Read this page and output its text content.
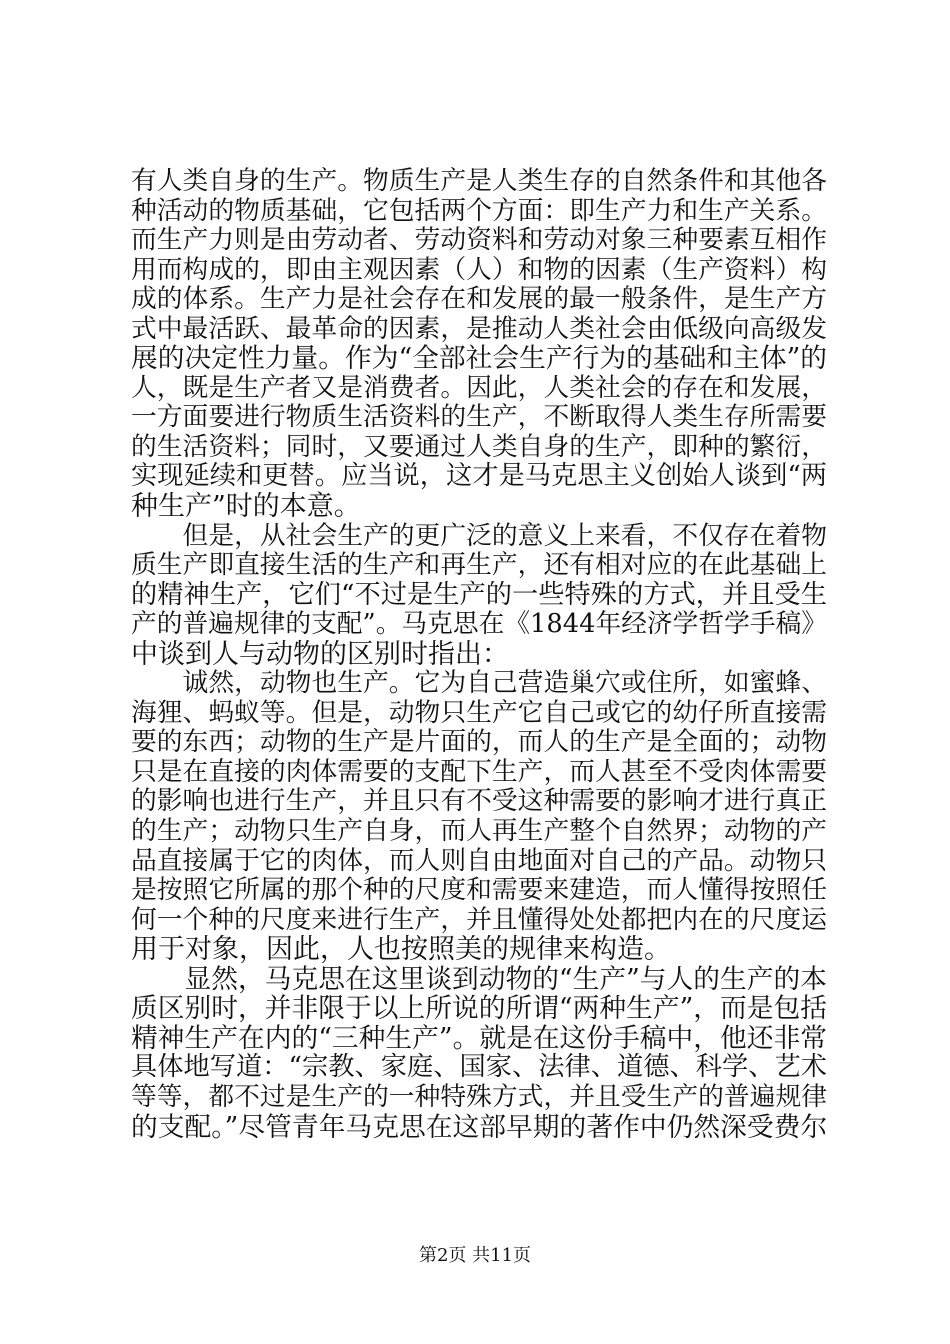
有人类自身的生产。物质生产是人类生存的自然条件和其他各
种活动的物质基础，它包括两个方面：即生产力和生产关系。
而生产力则是由劳动者、劳动资料和劳动对象三种要素互相作
用而构成的，即由主观因素（人）和物的因素（生产资料）构
成的体系。生产力是社会存在和发展的最一般条件，是生产方
式中最活跃、最革命的因素，是推动人类社会由低级向高级发
展的决定性力量。作为“全部社会生产行为的基础和主体”的
人，既是生产者又是消费者。因此，人类社会的存在和发展，
一方面要进行物质生活资料的生产，不断取得人类生存所需要
的生活资料；同时，又要通过人类自身的生产，即种的繁衍，
实现延续和更替。应当说，这才是马克思主义创始人谈到“两
种生产”时的本意。
　　但是，从社会生产的更广泛的意义上来看，不仅存在着物
质生产即直接生活的生产和再生产，还有相对应的在此基础上
的精神生产，它们“不过是生产的一些特殊的方式，并且受生
产的普遍规律的支配”。马克思在《1844年经济学哲学手稿》
中谈到人与动物的区别时指出：
　　诚然，动物也生产。它为自己营造巢穴或住所，如蜜蜂、
海狸、蚂蚁等。但是，动物只生产它自己或它的幼仔所直接需
要的东西；动物的生产是片面的，而人的生产是全面的；动物
只是在直接的肉体需要的支配下生产，而人甚至不受肉体需要
的影响也进行生产，并且只有不受这种需要的影响才进行真正
的生产；动物只生产自身，而人再生产整个自然界；动物的产
品直接属于它的肉体，而人则自由地面对自己的产品。动物只
是按照它所属的那个种的尺度和需要来建造，而人懂得按照任
何一个种的尺度来进行生产，并且懂得处处都把内在的尺度运
用于对象，因此，人也按照美的规律来构造。
　　显然，马克思在这里谈到动物的“生产”与人的生产的本
质区别时，并非限于以上所说的所谓“两种生产”，而是包括
精神生产在内的“三种生产”。就是在这份手稿中，他还非常
具体地写道：“宗教、家庭、国家、法律、道德、科学、艺术
等等，都不过是生产的一种特殊方式，并且受生产的普遍规律
的支配。”尽管青年马克思在这部早期的著作中仍然深受费尔
第2页 共11页
